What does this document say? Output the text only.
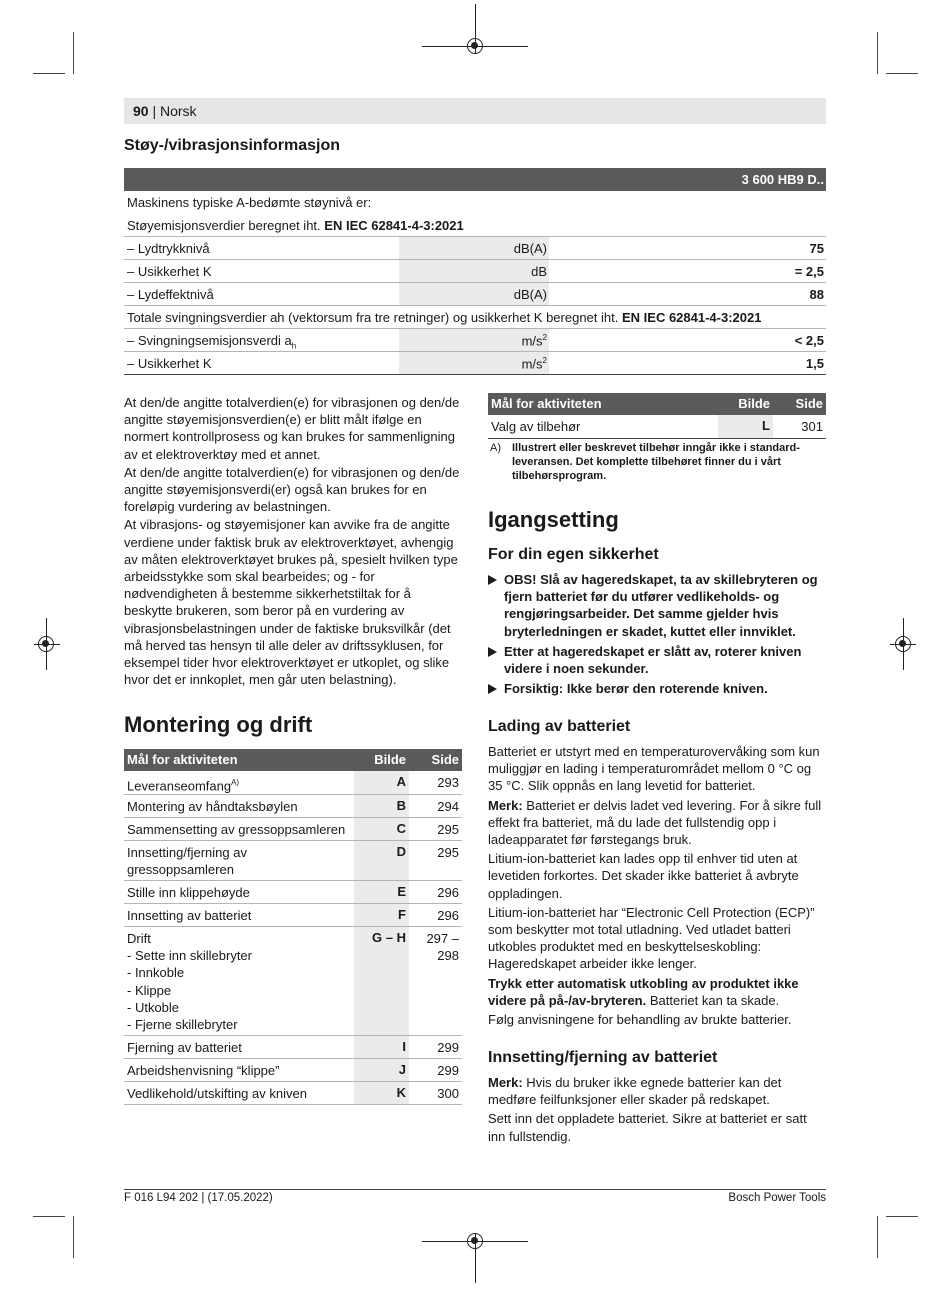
90 | Norsk
Støy-/vibrasjonsinformasjon
3 600 HB9 D..
Maskinens typiske A-bedømte støynivå er:
Støyemisjonsverdier beregnet iht. EN IEC 62841-4-3:2021
– Lydtrykknivå	dB(A)	75
– Usikkerhet K	dB	= 2,5
– Lydeffektnivå	dB(A)	88
Totale svingningsverdier ah (vektorsum fra tre retninger) og usikkerhet K beregnet iht. EN IEC 62841-4-3:2021
– Svingningsemisjonsverdi $a_h$	$m/s^2$	< 2,5
– Usikkerhet K	$m/s^2$	1,5

At den/de angitte totalverdien(e) for vibrasjonen og den/de angitte støyemisjonsverdien(e) er blitt målt ifølge en normert kontrollprosess og kan brukes for sammenligning av et elektroverktøy med et annet.

At den/de angitte totalverdien(e) for vibrasjonen og den/de angitte støyemisjonsverdi(er) også kan brukes for en foreløpig vurdering av belastningen.

At vibrasjons- og støyemisjoner kan avvike fra de angitte verdiene under faktisk bruk av elektroverktøyet, avhengig av måten elektroverktøyet brukes på, spesielt hvilken type arbeidsstykke som skal bearbeides; og - for nødvendigheten å bestemme sikkerhetstiltak for å beskytte brukeren, som beror på en vurdering av vibrasjonsbelastningen under de faktiske bruksvilkår (det må herved tas hensyn til alle deler av driftssyklusen, for eksempel tider hvor elektroverktøyet er utkoplet, og slike hvor det er innkoplet, men går uten belastning).

Montering og drift
Mål for aktiviteten	Bilde Side
Leveranseomfang$^{A)}$	A 293
Montering av håndtaksbøylen	B 294
Sammensetting av gressoppsamleren	C 295
Innsetting/fjerning av
gressoppsamleren
D 295
Stille inn klippehøyde	E 296
Innsetting av batteriet	F 296
Drift
- Sette inn skillebryter
- Innkoble
- Klippe
- Utkoble
- Fjerne skillebryter
G – H 297 –
298
Fjerning av batteriet	I 299
Arbeidshenvisning “klippe”	J 299
Vedlikehold/utskifting av kniven	K 300
Mål for aktiviteten	Bilde Side
Valg av tilbehør	L 301
A) Illustrert eller beskrevet tilbehør inngår ikke i standard-leveransen. Det komplette tilbehøret finner du i vårt tilbehørsprogram.
Igangsetting
For din egen sikkerhet
OBS! Slå av hageredskapet, ta av skillebryteren og fjern batteriet før du utfører vedlikeholds- og rengjøringsarbeider. Det samme gjelder hvis bryterledningen er skadet, kuttet eller innviklet.
Etter at hageredskapet er slått av, roterer kniven videre i noen sekunder.
Forsiktig: Ikke berør den roterende kniven.
Lading av batteriet

Batteriet er utstyrt med en temperaturovervåking som kun muliggjør en lading i temperaturområdet mellom 0 °C og 35 °C. Slik oppnås en lang levetid for batteriet.

Merk: Batteriet er delvis ladet ved levering. For å sikre full effekt fra batteriet, må du lade det fullstendig opp i ladeapparatet før førstegangs bruk.

Litium-ion-batteriet kan lades opp til enhver tid uten at levetiden forkortes. Det skader ikke batteriet å avbryte oppladingen.

Litium-ion-batteriet har “Electronic Cell Protection (ECP)” som beskytter mot total utladning. Ved utladet batteri utkobles produktet med en beskyttelseskobling: Hageredskapet arbeider ikke lenger.

Trykk etter automatisk utkobling av produktet ikke videre på på-/av-bryteren. Batteriet kan ta skade.

Følg anvisningene for behandling av brukte batterier.

Innsetting/fjerning av batteriet

Merk: Hvis du bruker ikke egnede batterier kan det medføre feilfunksjoner eller skader på redskapet.

Sett inn det oppladete batteriet. Sikre at batteriet er satt inn fullstendig.

F 016 L94 202 | (17.05.2022)	Bosch Power Tools
